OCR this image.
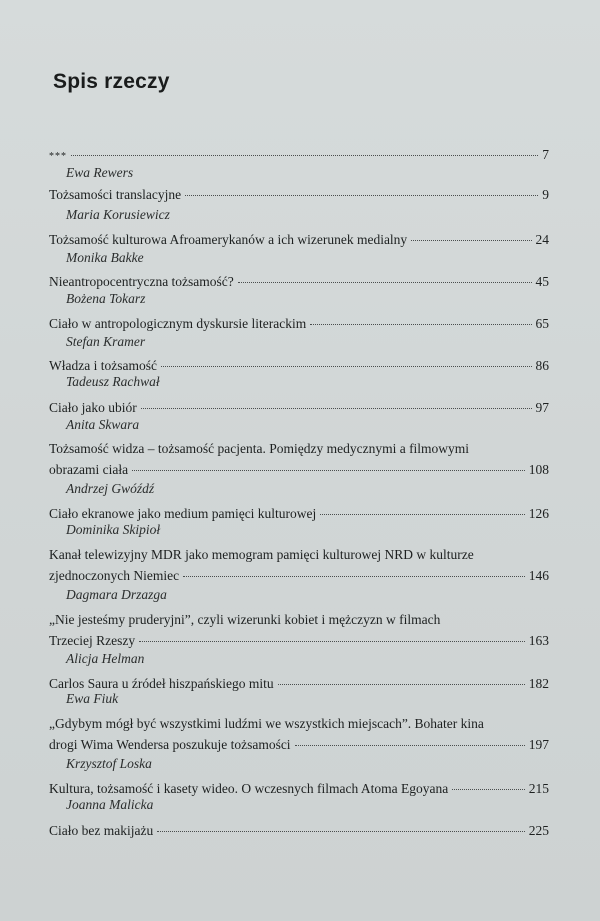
Spis rzeczy
***	7
Ewa Rewers
Tożsamości translacyjne	9
Maria Korusiewicz
Tożsamość kulturowa Afroamerykanów a ich wizerunek medialny	24
Monika Bakke
Nieantropocentryczna tożsamość?	45
Bożena Tokarz
Ciało w antropologicznym dyskursie literackim	65
Stefan Kramer
Władza i tożsamość	86
Tadeusz Rachwał
Ciało jako ubiór	97
Anita Skwara
Tożsamość widza – tożsamość pacjenta. Pomiędzy medycznymi a filmowymi
obrazami ciała	108
Andrzej Gwóźdź
Ciało ekranowe jako medium pamięci kulturowej	126
Dominika Skipioł
Kanał telewizyjny MDR jako memogram pamięci kulturowej NRD w kulturze
zjednoczonych Niemiec	146
Dagmara Drzazga
„Nie jesteśmy pruderyjni”, czyli wizerunki kobiet i mężczyzn w filmach
Trzeciej Rzeszy	163
Alicja Helman
Carlos Saura u źródeł hiszpańskiego mitu	182
Ewa Fiuk
„Gdybym mógł być wszystkimi ludźmi we wszystkich miejscach”. Bohater kina
drogi Wima Wendersa poszukuje tożsamości	197
Krzysztof Loska
Kultura, tożsamość i kasety wideo. O wczesnych filmach Atoma Egoyana	215
Joanna Malicka
Ciało bez makijażu	225
